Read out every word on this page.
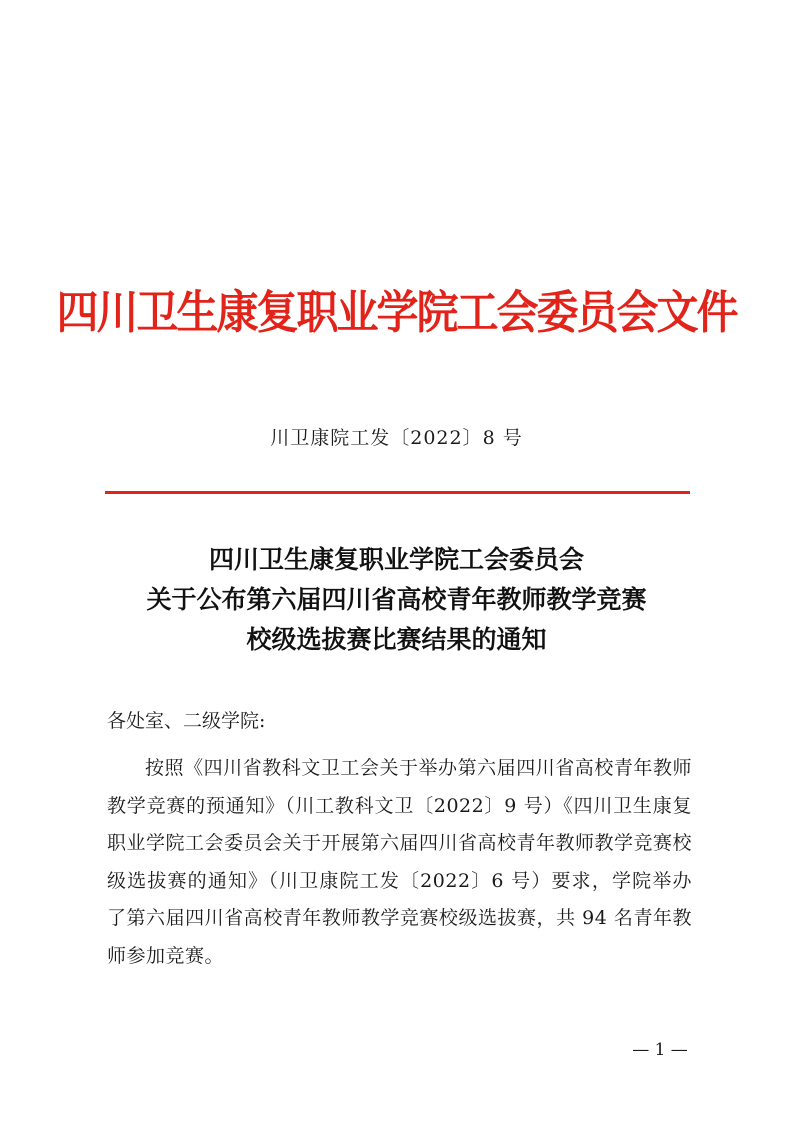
四川卫生康复职业学院工会委员会文件
川卫康院工发〔2022〕8 号
四川卫生康复职业学院工会委员会
关于公布第六届四川省高校青年教师教学竞赛
校级选拔赛比赛结果的通知
各处室、二级学院:
按照《四川省教科文卫工会关于举办第六届四川省高校青年教师教学竞赛的预通知》（川工教科文卫〔2022〕9 号）《四川卫生康复职业学院工会委员会关于开展第六届四川省高校青年教师教学竞赛校级选拔赛的通知》（川卫康院工发〔2022〕6 号）要求，学院举办了第六届四川省高校青年教师教学竞赛校级选拔赛，共 94 名青年教师参加竞赛。
— 1 —
